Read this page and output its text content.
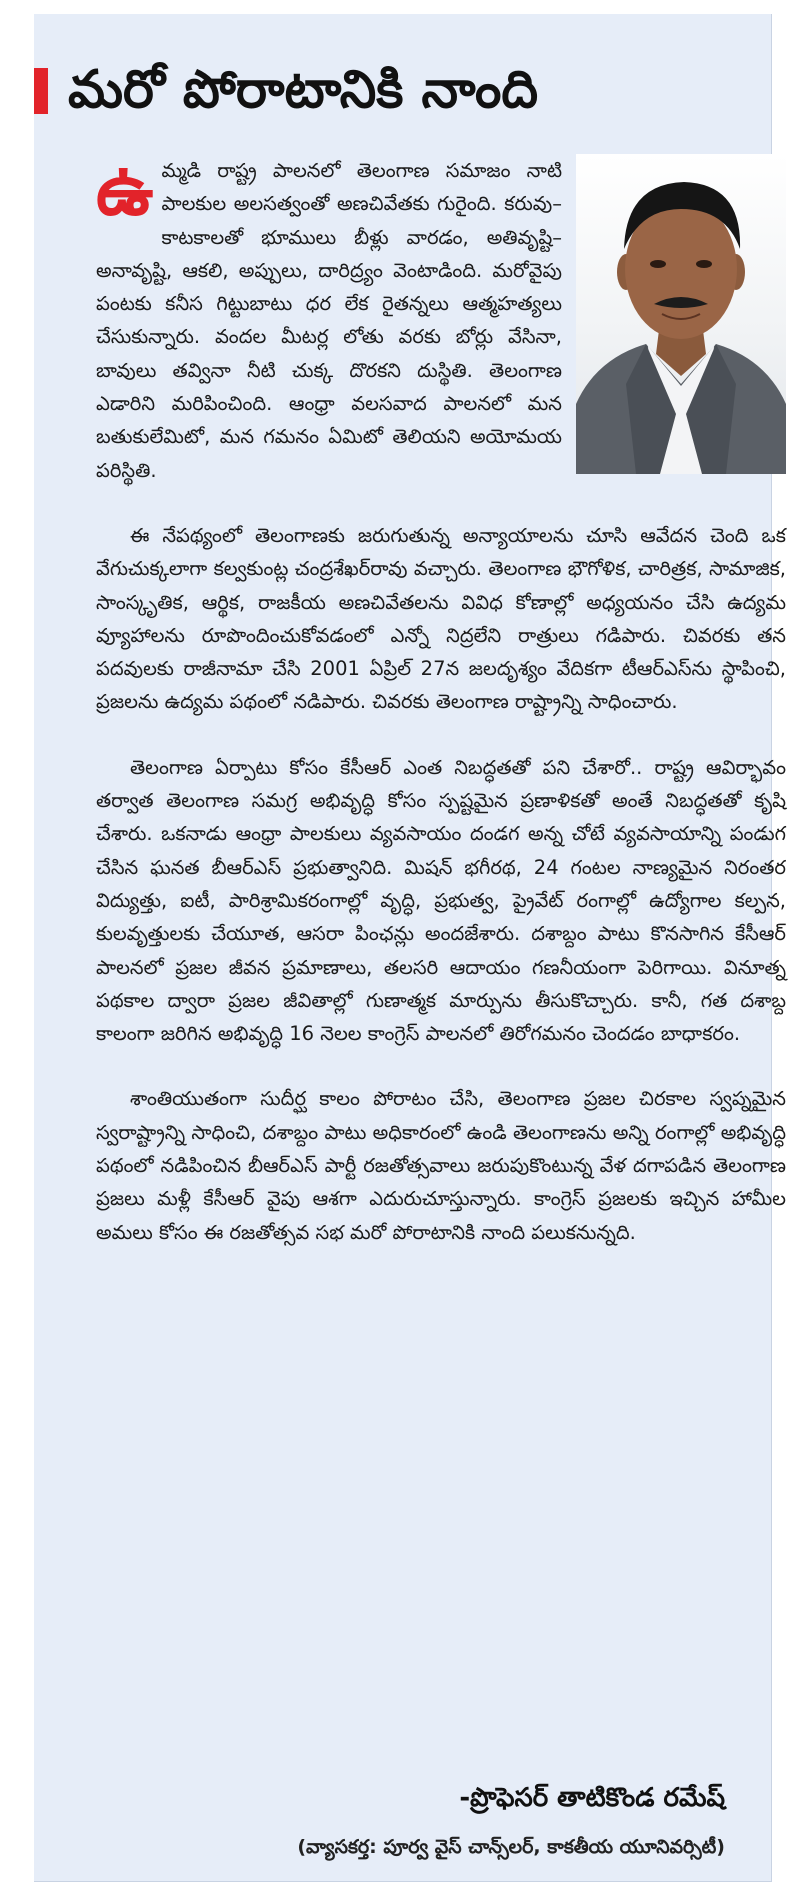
మరో పోరాటానికి నాంది
ఉమ్మడి రాష్ట్ర పాలనలో తెలంగాణ సమాజం నాటి పాలకుల అలసత్వంతో అణచివేతకు గురైంది. కరువు– కాటకాలతో భూములు బీళ్లు వారడం, అతివృష్టి–అనావృష్టి, ఆకలి, అప్పులు, దారిద్ర్యం వెంటాడింది. మరోవైపు పంటకు కనీస గిట్టుబాటు ధర లేక రైతన్నలు ఆత్మహత్యలు చేసుకున్నారు. వందల మీటర్ల లోతు వరకు బోర్లు వేసినా, బావులు తవ్వినా నీటి చుక్క దొరకని దుస్థితి. తెలంగాణ ఎడారిని మరిపించింది. ఆంధ్రా వలసవాద పాలనలో మన బతుకులేమిటో, మన గమనం ఏమిటో తెలియని అయోమయ పరిస్థితి.
ఈ నేపథ్యంలో తెలంగాణకు జరుగుతున్న అన్యాయాలను చూసి ఆవేదన చెంది ఒక వేగుచుక్కలాగా కల్వకుంట్ల చంద్రశేఖర్‌రావు వచ్చారు. తెలంగాణ భౌగోళిక, చారిత్రక, సామాజిక, సాంస్కృతిక, ఆర్థిక, రాజకీయ అణచివేతలను వివిధ కోణాల్లో అధ్యయనం చేసి ఉద్యమ వ్యూహాలను రూపొందించుకోవడంలో ఎన్నో నిద్రలేని రాత్రులు గడిపారు. చివరకు తన పదవులకు రాజీనామా చేసి 2001 ఏప్రిల్ 27న జలదృశ్యం వేదికగా టీఆర్ఎస్‌ను స్థాపించి, ప్రజలను ఉద్యమ పథంలో నడిపారు. చివరకు తెలంగాణ రాష్ట్రాన్ని సాధించారు.
తెలంగాణ ఏర్పాటు కోసం కేసీఆర్ ఎంత నిబద్ధతతో పని చేశారో.. రాష్ట్ర ఆవిర్భావం తర్వాత తెలంగాణ సమగ్ర అభివృద్ధి కోసం స్పష్టమైన ప్రణాళికతో అంతే నిబద్ధతతో కృషి చేశారు. ఒకనాడు ఆంధ్రా పాలకులు వ్యవసాయం దండగ అన్న చోటే వ్యవసాయాన్ని పండుగ చేసిన ఘనత బీఆర్ఎస్ ప్రభుత్వానిది. మిషన్ భగీరథ, 24 గంటల నాణ్యమైన నిరంతర విద్యుత్తు, ఐటీ, పారిశ్రామికరంగాల్లో వృద్ధి, ప్రభుత్వ, ప్రైవేట్ రంగాల్లో ఉద్యోగాల కల్పన, కులవృత్తులకు చేయూత, ఆసరా పింఛన్లు అందజేశారు. దశాబ్దం పాటు కొనసాగిన కేసీఆర్ పాలనలో ప్రజల జీవన ప్రమాణాలు, తలసరి ఆదాయం గణనీయంగా పెరిగాయి. వినూత్న పథకాల ద్వారా ప్రజల జీవితాల్లో గుణాత్మక మార్పును తీసుకొచ్చారు. కానీ, గత దశాబ్ద కాలంగా జరిగిన అభివృద్ధి 16 నెలల కాంగ్రెస్ పాలనలో తిరోగమనం చెందడం బాధాకరం.
శాంతియుతంగా సుదీర్ఘ కాలం పోరాటం చేసి, తెలంగాణ ప్రజల చిరకాల స్వప్నమైన స్వరాష్ట్రాన్ని సాధించి, దశాబ్దం పాటు అధికారంలో ఉండి తెలంగాణను అన్ని రంగాల్లో అభివృద్ధి పథంలో నడిపించిన బీఆర్ఎస్ పార్టీ రజతోత్సవాలు జరుపుకొంటున్న వేళ దగాపడిన తెలంగాణ ప్రజలు మళ్లీ కేసీఆర్ వైపు ఆశగా ఎదురుచూస్తున్నారు. కాంగ్రెస్ ప్రజలకు ఇచ్చిన హామీల అమలు కోసం ఈ రజతోత్సవ సభ మరో పోరాటానికి నాంది పలుకనున్నది.
-ప్రొఫెసర్ తాటికొండ రమేష్
(వ్యాసకర్త: పూర్వ వైస్ చాన్స్‌లర్, కాకతీయ యూనివర్సిటీ)
